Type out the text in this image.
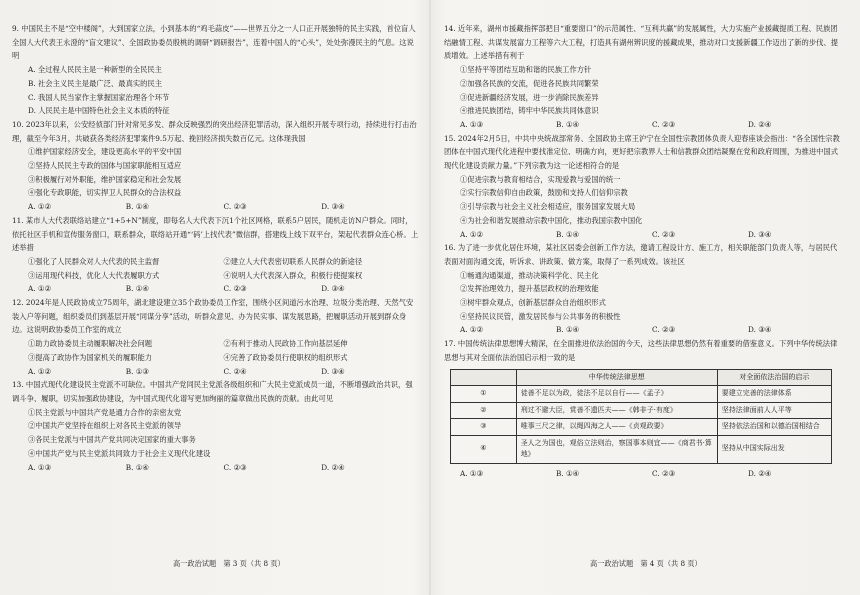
9. 中国民主不是“空中楼阁”，大到国家立法，小到基本的“鸡毛蒜皮”——世界五分之一人口正开展独特的民主实践，首位盲人全国人大代表王永澄的“盲文建议”、全国政协委员殷桃的调研“调研报告”，连着中国人的“心头”，处处弥漫民主的气息。这说明

A. 全过程人民民主是一种新型的全民民主

B. 社会主义民主是最广泛、最真实的民主

C. 我国人民当家作主掌握国家治理各个环节

D. 人民民主是中国特色社会主义本质的特征

10. 2023年以来，公安经侦部门针对常见多发、群众反映强烈的突出经济犯罪活动，深入组织开展专项行动，持续进行打击治理，截至今年3月，共破获各类经济犯罪案件9.5万起、挽回经济损失数百亿元。这体现我国

①维护国家经济安全，建设更高水平的平安中国

②坚持人民民主专政的国体与国家职能相互适应

③积极履行对外职能，维护国家稳定和社会发展

④强化专政职能，切实捍卫人民群众的合法权益

A. ①②	B. ①④	C. ②③	D. ③④

11. 某市人大代表联络站建立“1+5+N”制度，即每名人大代表下沉1个社区网格，联系5户居民，随机走访N户群众。同时，依托社区手机和宣传服务窗口，联系群众，联络站开通“‘码’上找代表”微信群，搭建线上线下双平台，架起代表群众连心桥。上述举措

①强化了人民群众对人大代表的民主监督	②建立人大代表密切联系人民群众的新途径
③运用现代科技，优化人大代表履职方式	④说明人大代表深入群众，积极行使提案权
A. ①②	B. ①④	C. ②③	D. ③④

12. 2024年是人民政协成立75周年，湖北建设建立35个政协委员工作室，围绕小区间道污水治理、垃圾分类治理、天然气安装入户等问题，组织委员们到基层开展“同谋分享”活动，听群众意见、办为民实事、谋发展思路，把履职活动开展到群众身边。这说明政协委员工作室的成立

①助力政协委员主动履职解决社会问题	②有利于推动人民政协工作向基层延伸
③提高了政协作为国家机关的履职能力	④完善了政协委员行使职权的组织形式
A. ①②	B. ①③	C. ②④	D. ③④

13. 中国式现代化建设民主党派不可缺位。中国共产党同民主党派各级组织和广大民主党派成员一道，不断增强政治共识，强调斗争、履职，切实加强政协建设，为中国式现代化谱写更加绚丽的篇章做出民族的贡献。由此可见

①民主党派与中国共产党是通力合作的亲密友党

②中国共产党坚持在组织上对各民主党派的领导

③各民主党派与中国共产党共同决定国家的重大事务

④中国共产党与民主党派共同致力于社会主义现代化建设

A. ①③	B. ①④	C. ②③	D. ②④
高一政治试题　第 3 页（共 8 页）

14. 近年来，湖州市援藏指挥部把目“重要窗口”的示范属性、“互利共赢”的发展属性，大力实施产业援藏提质工程、民族团结融情工程、共谋发展富力工程等六大工程，打造具有湖州辨识度的援藏成果，推动对口支援新疆工作迈出了新的步伐、提质增效。上述举措有利于

①坚持平等团结互助和谐的民族工作方针

②加强各民族的交流，促进各民族共同繁荣

③促进新疆经济发展，进一步消除民族差异

④推进民族团结，铸牢中华民族共同体意识

A. ①③	B. ①④	C. ②③	D. ②④

15. 2024年2月5日，中共中央统战部常务、全国政协主席王沪宁在全国性宗教团体负责人迎春座谈会指出：“各全国性宗教团体在中国式现代化进程中要找准定位、明确方向，更好把宗教界人士和信教群众团结凝聚在党和政府周围，为推进中国式现代化建设贡献力量。”下列宗教为这一论述相符合的是

①促进宗教与教育相结合，实现爱教与爱国的统一

②实行宗教信仰自由政策，鼓励和支持人们信仰宗教

③引导宗教与社会主义社会相适应，服务国家发展大局

④为社会和谐发展推动宗教中国化，推动我国宗教中国化

A. ①②	B. ①④	C. ②③	D. ③④

16. 为了进一步优化居住环境，某社区居委会创新工作方法，邀请工程设计方、施工方，相关职能部门负责人等，与居民代表面对面沟通交流，听诉求、讲政策、做方案，取得了一系列成效。该社区

①畅通沟通渠道，推动决策科学化、民主化

②发挥治理效力，提升基层政权的治理效能

③树牢群众观点，创新基层群众自治组织形式

④坚持民议民管，激发居民参与公共事务的积极性

A. ①②	B. ①④	C. ②③	D. ③④

17. 中国传统法律思想博大精深，在全面推进依法治国的今天，这些法律思想仍然有着重要的借鉴意义。下列中华传统法律思想与其对全面依法治国启示相一致的是

	中华传统法律思想	对全面依法治国的启示
①	徒善不足以为政，徒法不足以自行——《孟子》	要建立完善的法律体系
②	刑过不避大臣，赏善不遗匹夫——《韩非子·有度》	坚持法律面前人人平等
③	唯事三尺之律，以绳四海之人——《贞观政要》	坚持依法治国和以德治国相结合
④	圣人之为国也，观俗立法则治，察国事本则宜——《商君书·算地》	坚持从中国实际出发
A. ①③	B. ①④	C. ②③	D. ②④
高一政治试题　第 4 页（共 8 页）
